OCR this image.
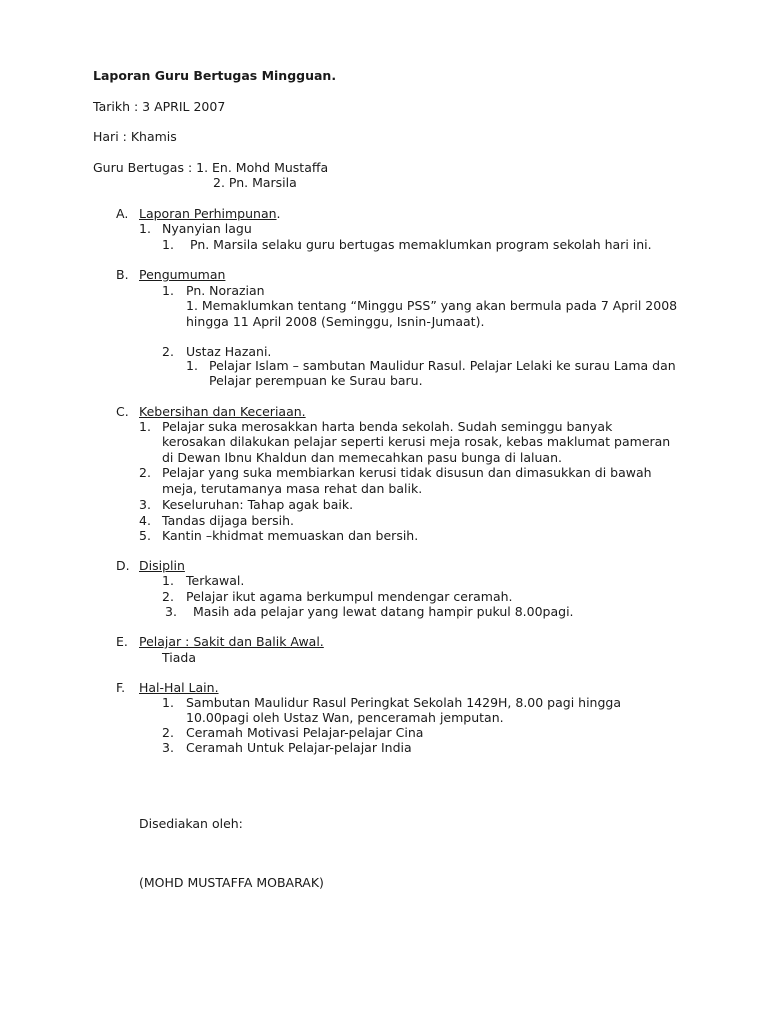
Laporan Guru Bertugas Mingguan.
Tarikh : 3 APRIL 2007
Hari : Khamis
Guru Bertugas : 1. En. Mohd Mustaffa
2. Pn. Marsila
A. Laporan Perhimpunan.
1. Nyanyian lagu
1. Pn. Marsila selaku guru bertugas memaklumkan program sekolah hari ini.
B. Pengumuman
1. Pn. Norazian
1. Memaklumkan tentang “Minggu PSS” yang akan bermula pada 7 April 2008
hingga 11 April 2008 (Seminggu, Isnin-Jumaat).
2. Ustaz Hazani.
1. Pelajar Islam – sambutan Maulidur Rasul. Pelajar Lelaki ke surau Lama dan
Pelajar perempuan ke Surau baru.
C. Kebersihan dan Keceriaan.
1. Pelajar suka merosakkan harta benda sekolah. Sudah seminggu banyak
kerosakan dilakukan pelajar seperti kerusi meja rosak, kebas maklumat pameran
di Dewan Ibnu Khaldun dan memecahkan pasu bunga di laluan.
2. Pelajar yang suka membiarkan kerusi tidak disusun dan dimasukkan di bawah
meja, terutamanya masa rehat dan balik.
3. Keseluruhan: Tahap agak baik.
4. Tandas dijaga bersih.
5. Kantin –khidmat memuaskan dan bersih.
D. Disiplin
1. Terkawal.
2. Pelajar ikut agama berkumpul mendengar ceramah.
3. Masih ada pelajar yang lewat datang hampir pukul 8.00pagi.
E. Pelajar : Sakit dan Balik Awal.
Tiada
F. Hal-Hal Lain.
1. Sambutan Maulidur Rasul Peringkat Sekolah 1429H, 8.00 pagi hingga
10.00pagi oleh Ustaz Wan, penceramah jemputan.
2. Ceramah Motivasi Pelajar-pelajar Cina
3. Ceramah Untuk Pelajar-pelajar India
Disediakan oleh:
(MOHD MUSTAFFA MOBARAK)
